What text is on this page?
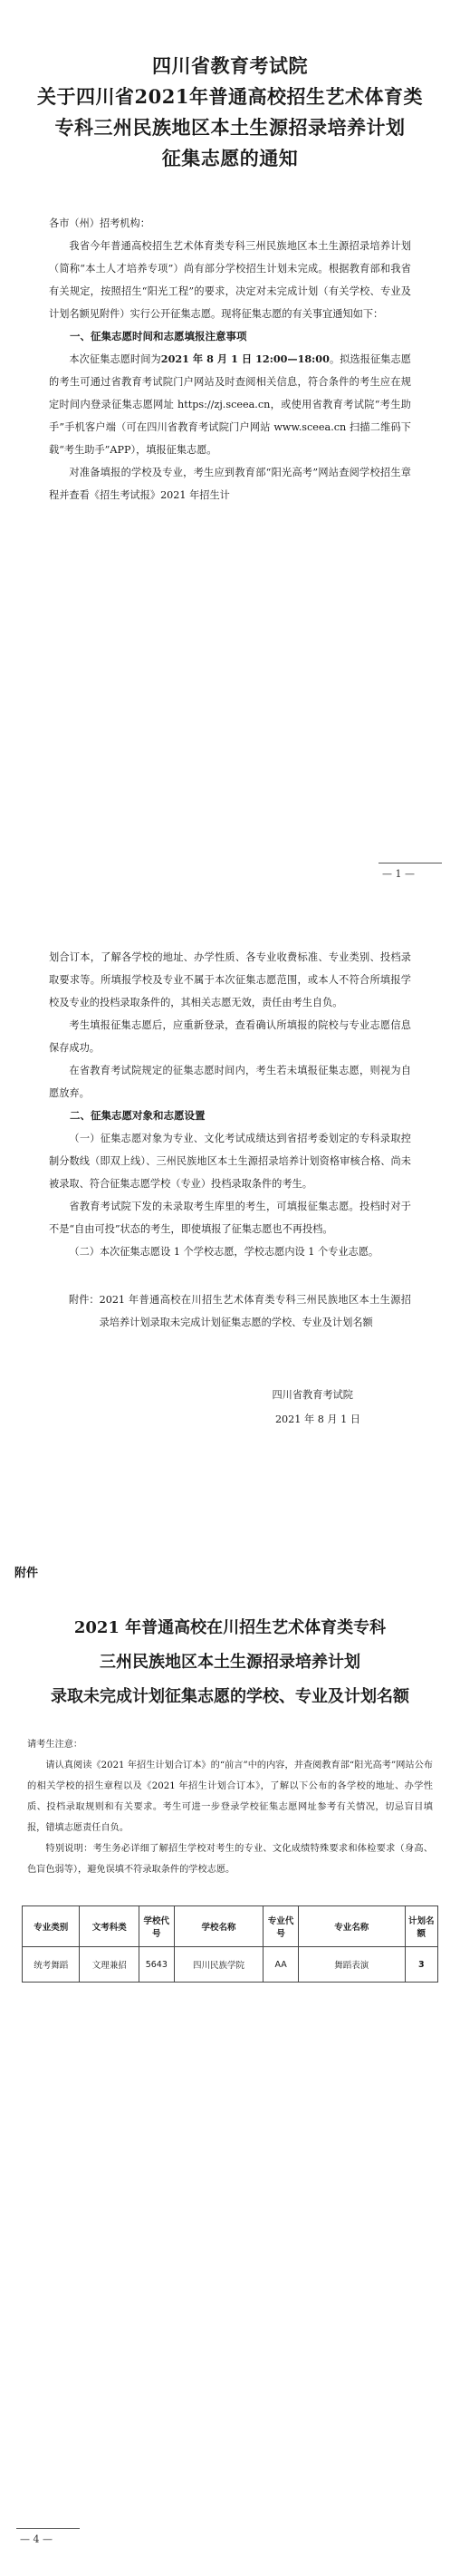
四川省教育考试院
关于四川省2021年普通高校招生艺术体育类
专科三州民族地区本土生源招录培养计划
征集志愿的通知

各市（州）招考机构：

我省今年普通高校招生艺术体育类专科三州民族地区本土生源招录培养计划（简称“本土人才培养专项”）尚有部分学校招生计划未完成。根据教育部和我省有关规定，按照招生“阳光工程”的要求，决定对未完成计划（有关学校、专业及计划名额见附件）实行公开征集志愿。现将征集志愿的有关事宜通知如下：

一、征集志愿时间和志愿填报注意事项

本次征集志愿时间为2021 年 8 月 1 日 12:00—18:00。拟选报征集志愿的考生可通过省教育考试院门户网站及时查阅相关信息，符合条件的考生应在规定时间内登录征集志愿网址 https://zj.sceea.cn，或使用省教育考试院“考生助手”手机客户端（可在四川省教育考试院门户网站 www.sceea.cn 扫描二维码下载“考生助手”APP），填报征集志愿。

对准备填报的学校及专业，考生应到教育部“阳光高考”网站查阅学校招生章程并查看《招生考试报》2021 年招生计

— 1 —

划合订本，了解各学校的地址、办学性质、各专业收费标准、专业类别、投档录取要求等。所填报学校及专业不属于本次征集志愿范围，或本人不符合所填报学校及专业的投档录取条件的，其相关志愿无效，责任由考生自负。

考生填报征集志愿后，应重新登录，查看确认所填报的院校与专业志愿信息保存成功。

在省教育考试院规定的征集志愿时间内，考生若未填报征集志愿，则视为自愿放弃。

二、征集志愿对象和志愿设置

（一）征集志愿对象为专业、文化考试成绩达到省招考委划定的专科录取控制分数线（即双上线）、三州民族地区本土生源招录培养计划资格审核合格、尚未被录取、符合征集志愿学校（专业）投档录取条件的考生。

省教育考试院下发的未录取考生库里的考生，可填报征集志愿。投档时对于不是“自由可投”状态的考生，即使填报了征集志愿也不再投档。

（二）本次征集志愿设 1 个学校志愿，学校志愿内设 1 个专业志愿。

附件： 2021 年普通高校在川招生艺术体育类专科三州民族地区本土生源招录培养计划录取未完成计划征集志愿的学校、专业及计划名额
四川省教育考试院
2021 年 8 月 1 日
附件
2021 年普通高校在川招生艺术体育类专科
三州民族地区本土生源招录培养计划
录取未完成计划征集志愿的学校、专业及计划名额

请考生注意：

请认真阅读《2021 年招生计划合订本》的“前言”中的内容，并查阅教育部“阳光高考”网站公布的相关学校的招生章程以及《2021 年招生计划合订本》，了解以下公布的各学校的地址、办学性质、投档录取规则和有关要求。考生可进一步登录学校征集志愿网址参考有关情况，切忌盲目填报，错填志愿责任自负。

特别说明：考生务必详细了解招生学校对考生的专业、文化成绩特殊要求和体检要求（身高、色盲色弱等），避免误填不符录取条件的学校志愿。

专业类别	文考科类	学校代号	学校名称	专业代号	专业名称	计划名额
统考舞蹈	文理兼招	5643	四川民族学院	AA	舞蹈表演	3
— 4 —
